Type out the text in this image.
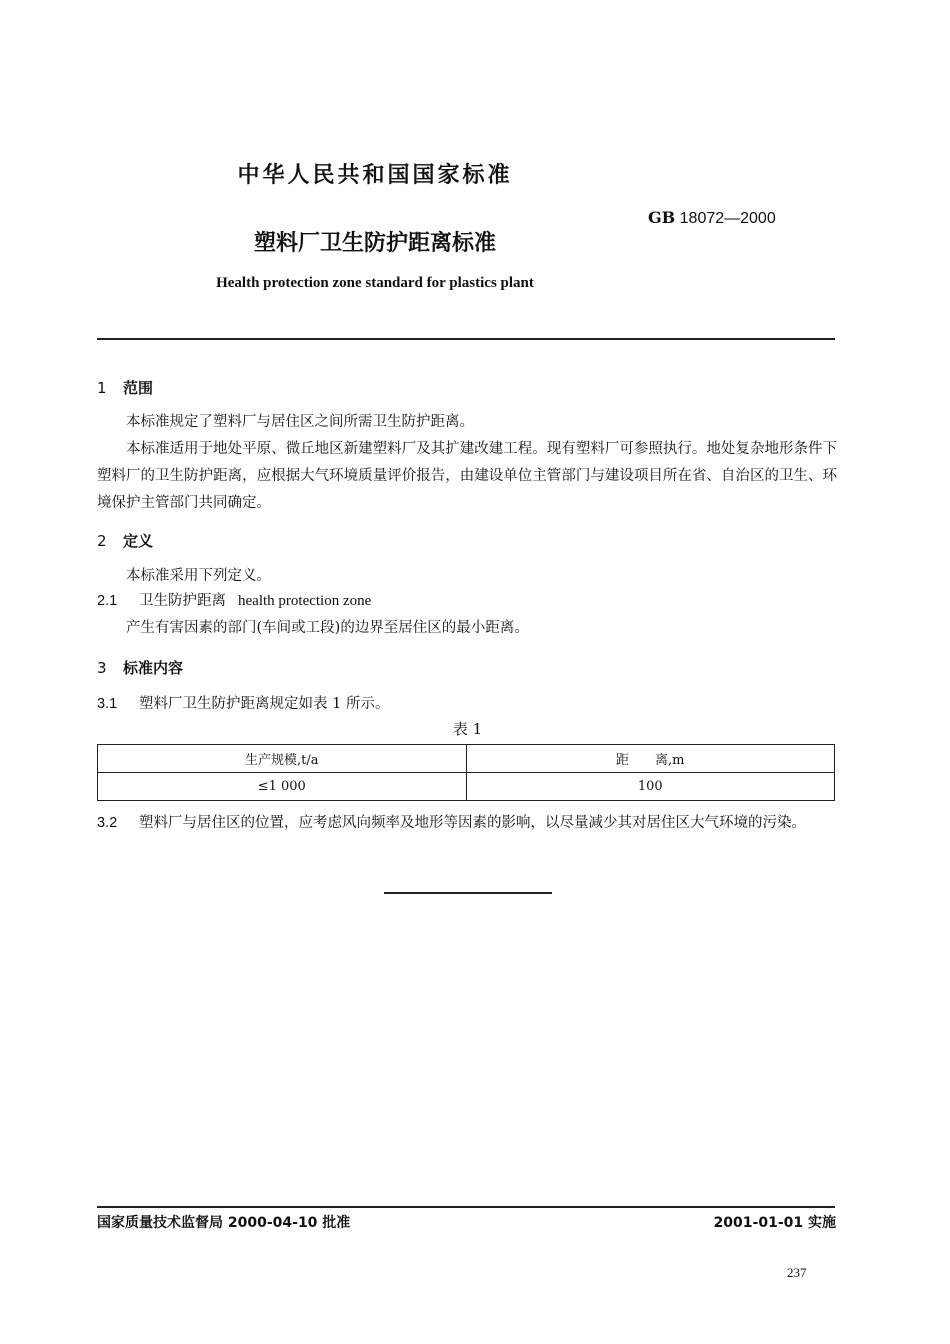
中华人民共和国国家标准
GB 18072—2000
塑料厂卫生防护距离标准
Health protection zone standard for plastics plant
1 范围
本标准规定了塑料厂与居住区之间所需卫生防护距离。
本标准适用于地处平原、微丘地区新建塑料厂及其扩建改建工程。现有塑料厂可参照执行。地处复杂地形条件下塑料厂的卫生防护距离，应根据大气环境质量评价报告，由建设单位主管部门与建设项目所在省、自治区的卫生、环境保护主管部门共同确定。
2 定义
本标准采用下列定义。
2.1 卫生防护距离 health protection zone
产生有害因素的部门(车间或工段)的边界至居住区的最小距离。
3 标准内容
3.1 塑料厂卫生防护距离规定如表 1 所示。
表 1
生产规模,t/a	距　　离,m
≤1 000	100
3.2 塑料厂与居住区的位置，应考虑风向频率及地形等因素的影响，以尽量减少其对居住区大气环境的污染。
国家质量技术监督局 2000-04-10 批准	2001-01-01 实施
237
